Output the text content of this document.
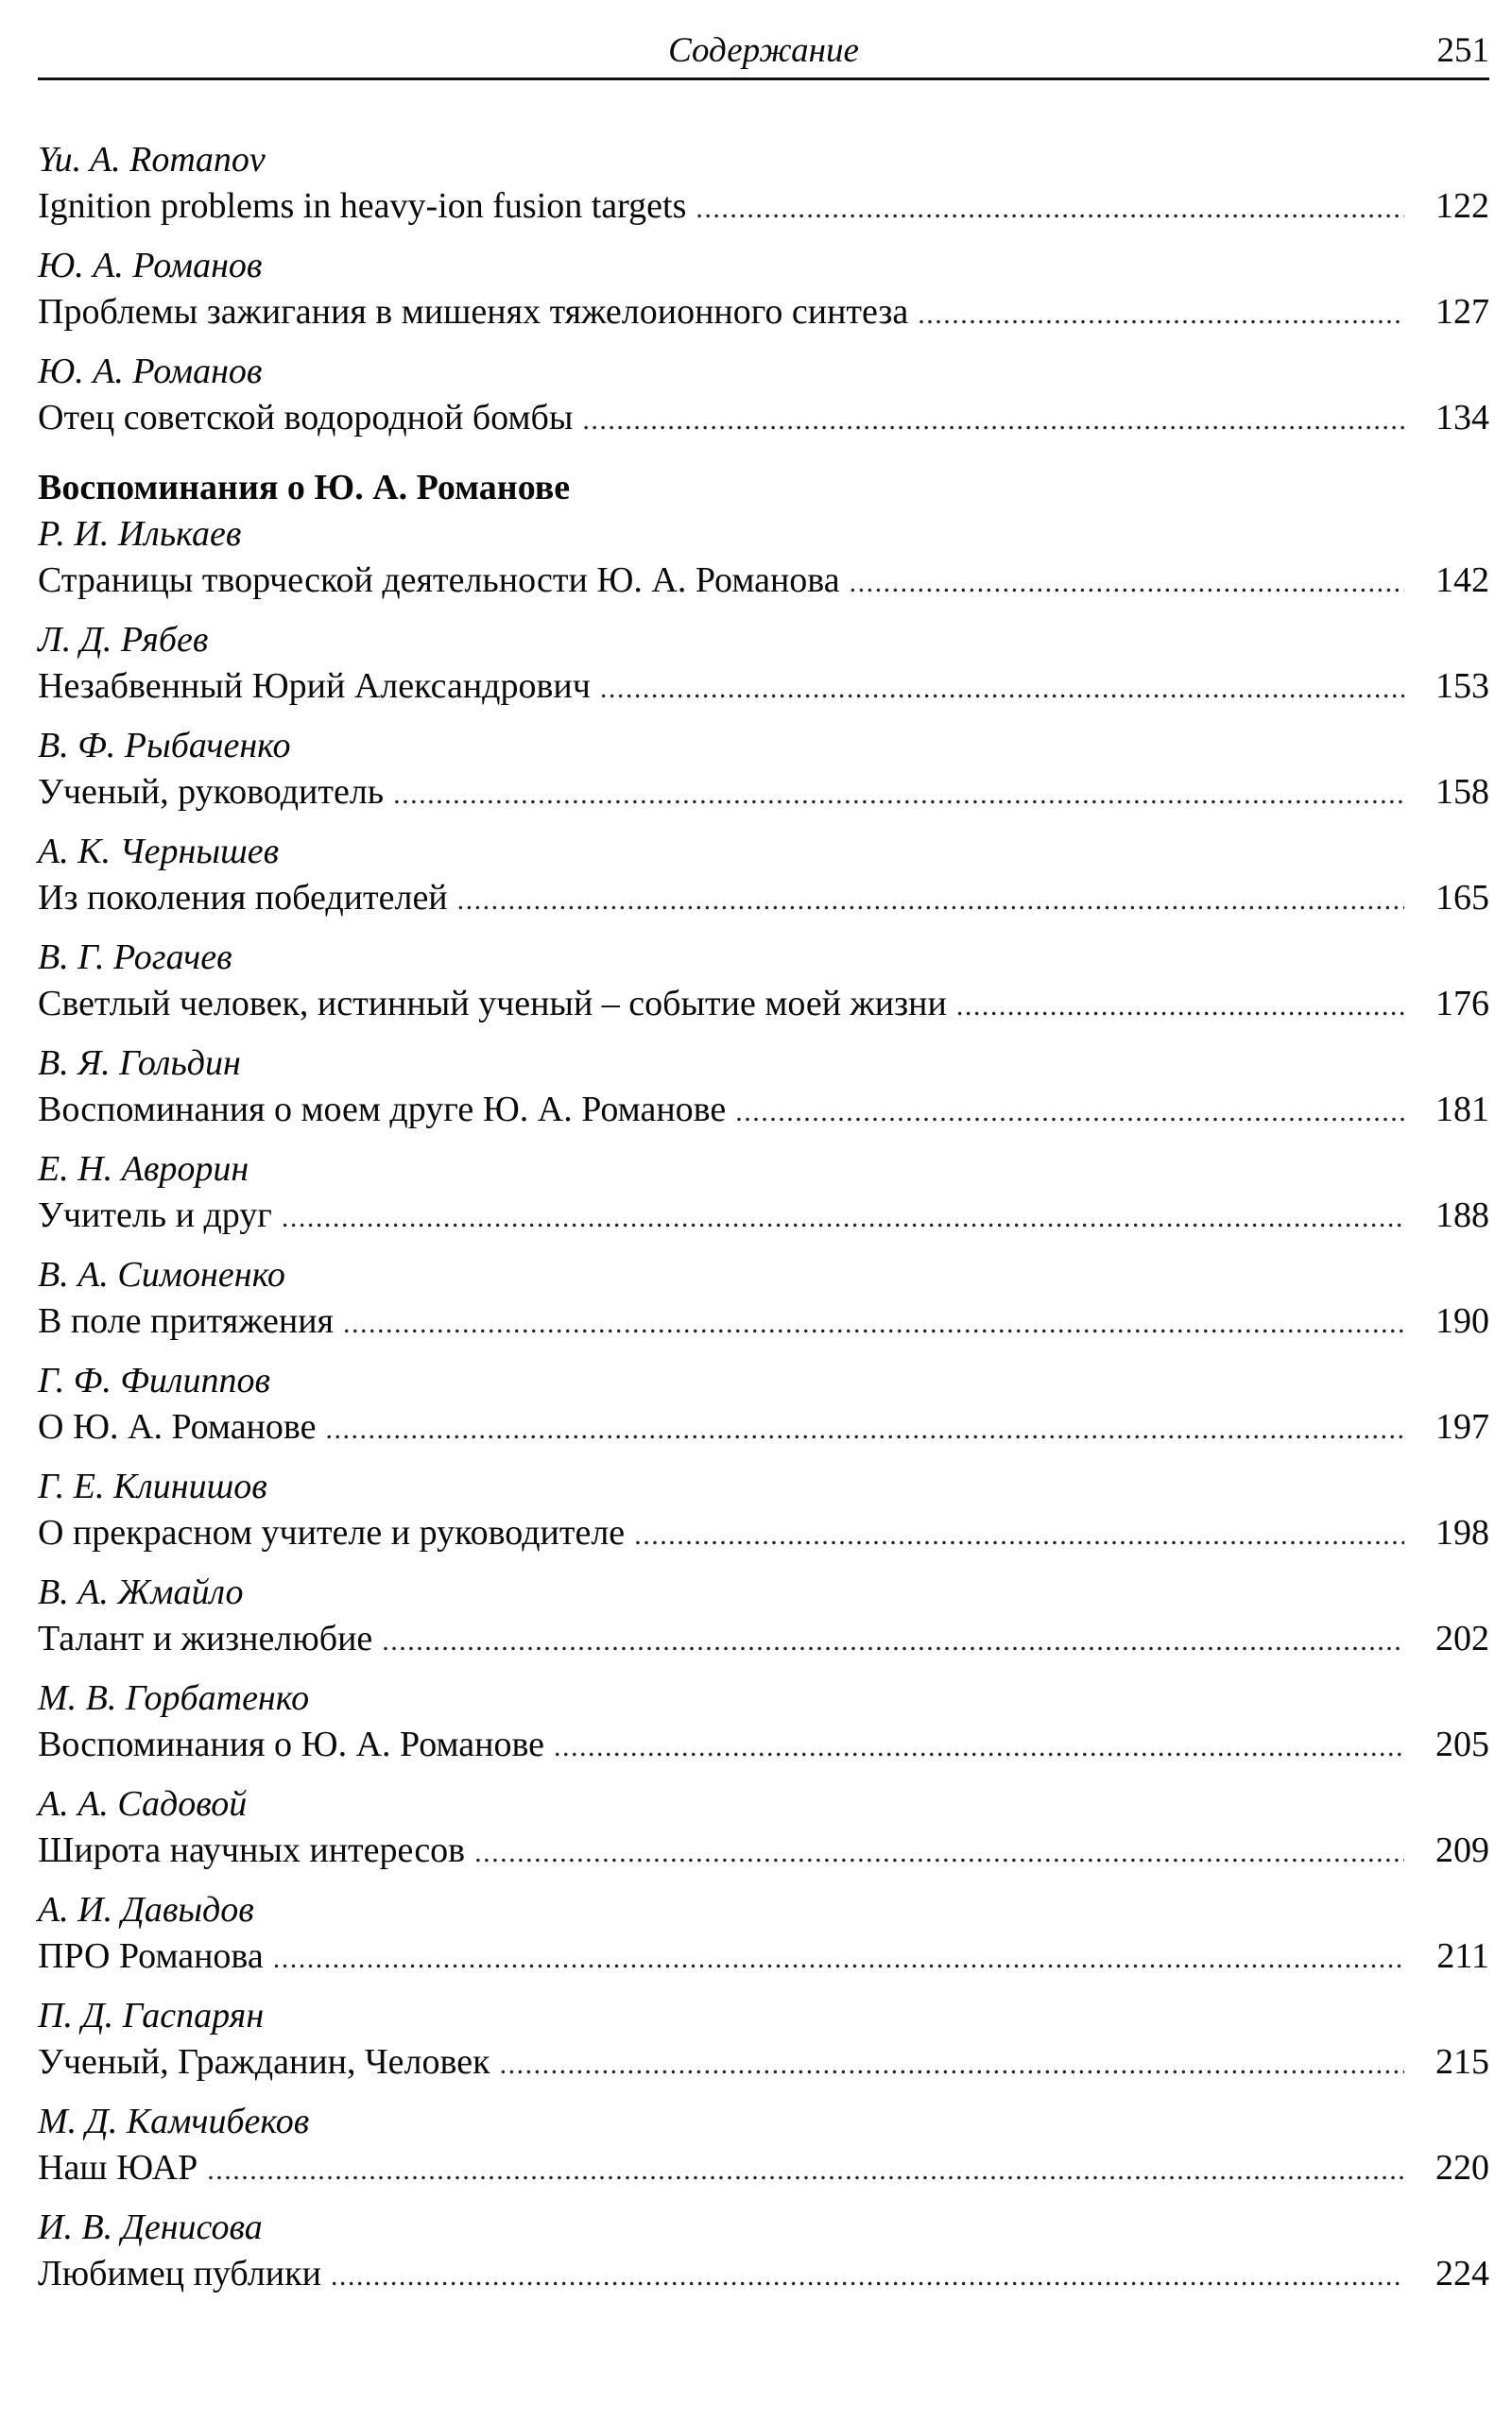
Содержание	251
Yu. A. Romanov
Ignition problems in heavy-ion fusion targets . . .	122
Ю. А. Романов
Проблемы зажигания в мишенях тяжелоионного синтеза . . .	127
Ю. А. Романов
Отец советской водородной бомбы . . .	134
Воспоминания о Ю. А. Романове
Р. И. Илькаев
Страницы творческой деятельности Ю. А. Романова . . .	142
Л. Д. Рябев
Незабвенный Юрий Александрович . . .	153
В. Ф. Рыбаченко
Ученый, руководитель . . .	158
А. К. Чернышев
Из поколения победителей . . .	165
В. Г. Рогачев
Светлый человек, истинный ученый – событие моей жизни . . .	176
В. Я. Гольдин
Воспоминания о моем друге Ю. А. Романове . . .	181
Е. Н. Аврорин
Учитель и друг . . .	188
В. А. Симоненко
В поле притяжения . . .	190
Г. Ф. Филиппов
О Ю. А. Романове . . .	197
Г. Е. Клинишов
О прекрасном учителе и руководителе . . .	198
В. А. Жмайло
Талант и жизнелюбие . . .	202
М. В. Горбатенко
Воспоминания о Ю. А. Романове . . .	205
А. А. Садовой
Широта научных интересов . . .	209
А. И. Давыдов
ПРО Романова . . .	211
П. Д. Гаспарян
Ученый, Гражданин, Человек . . .	215
М. Д. Камчибеков
Наш ЮАР . . .	220
И. В. Денисова
Любимец публики . . .	224
